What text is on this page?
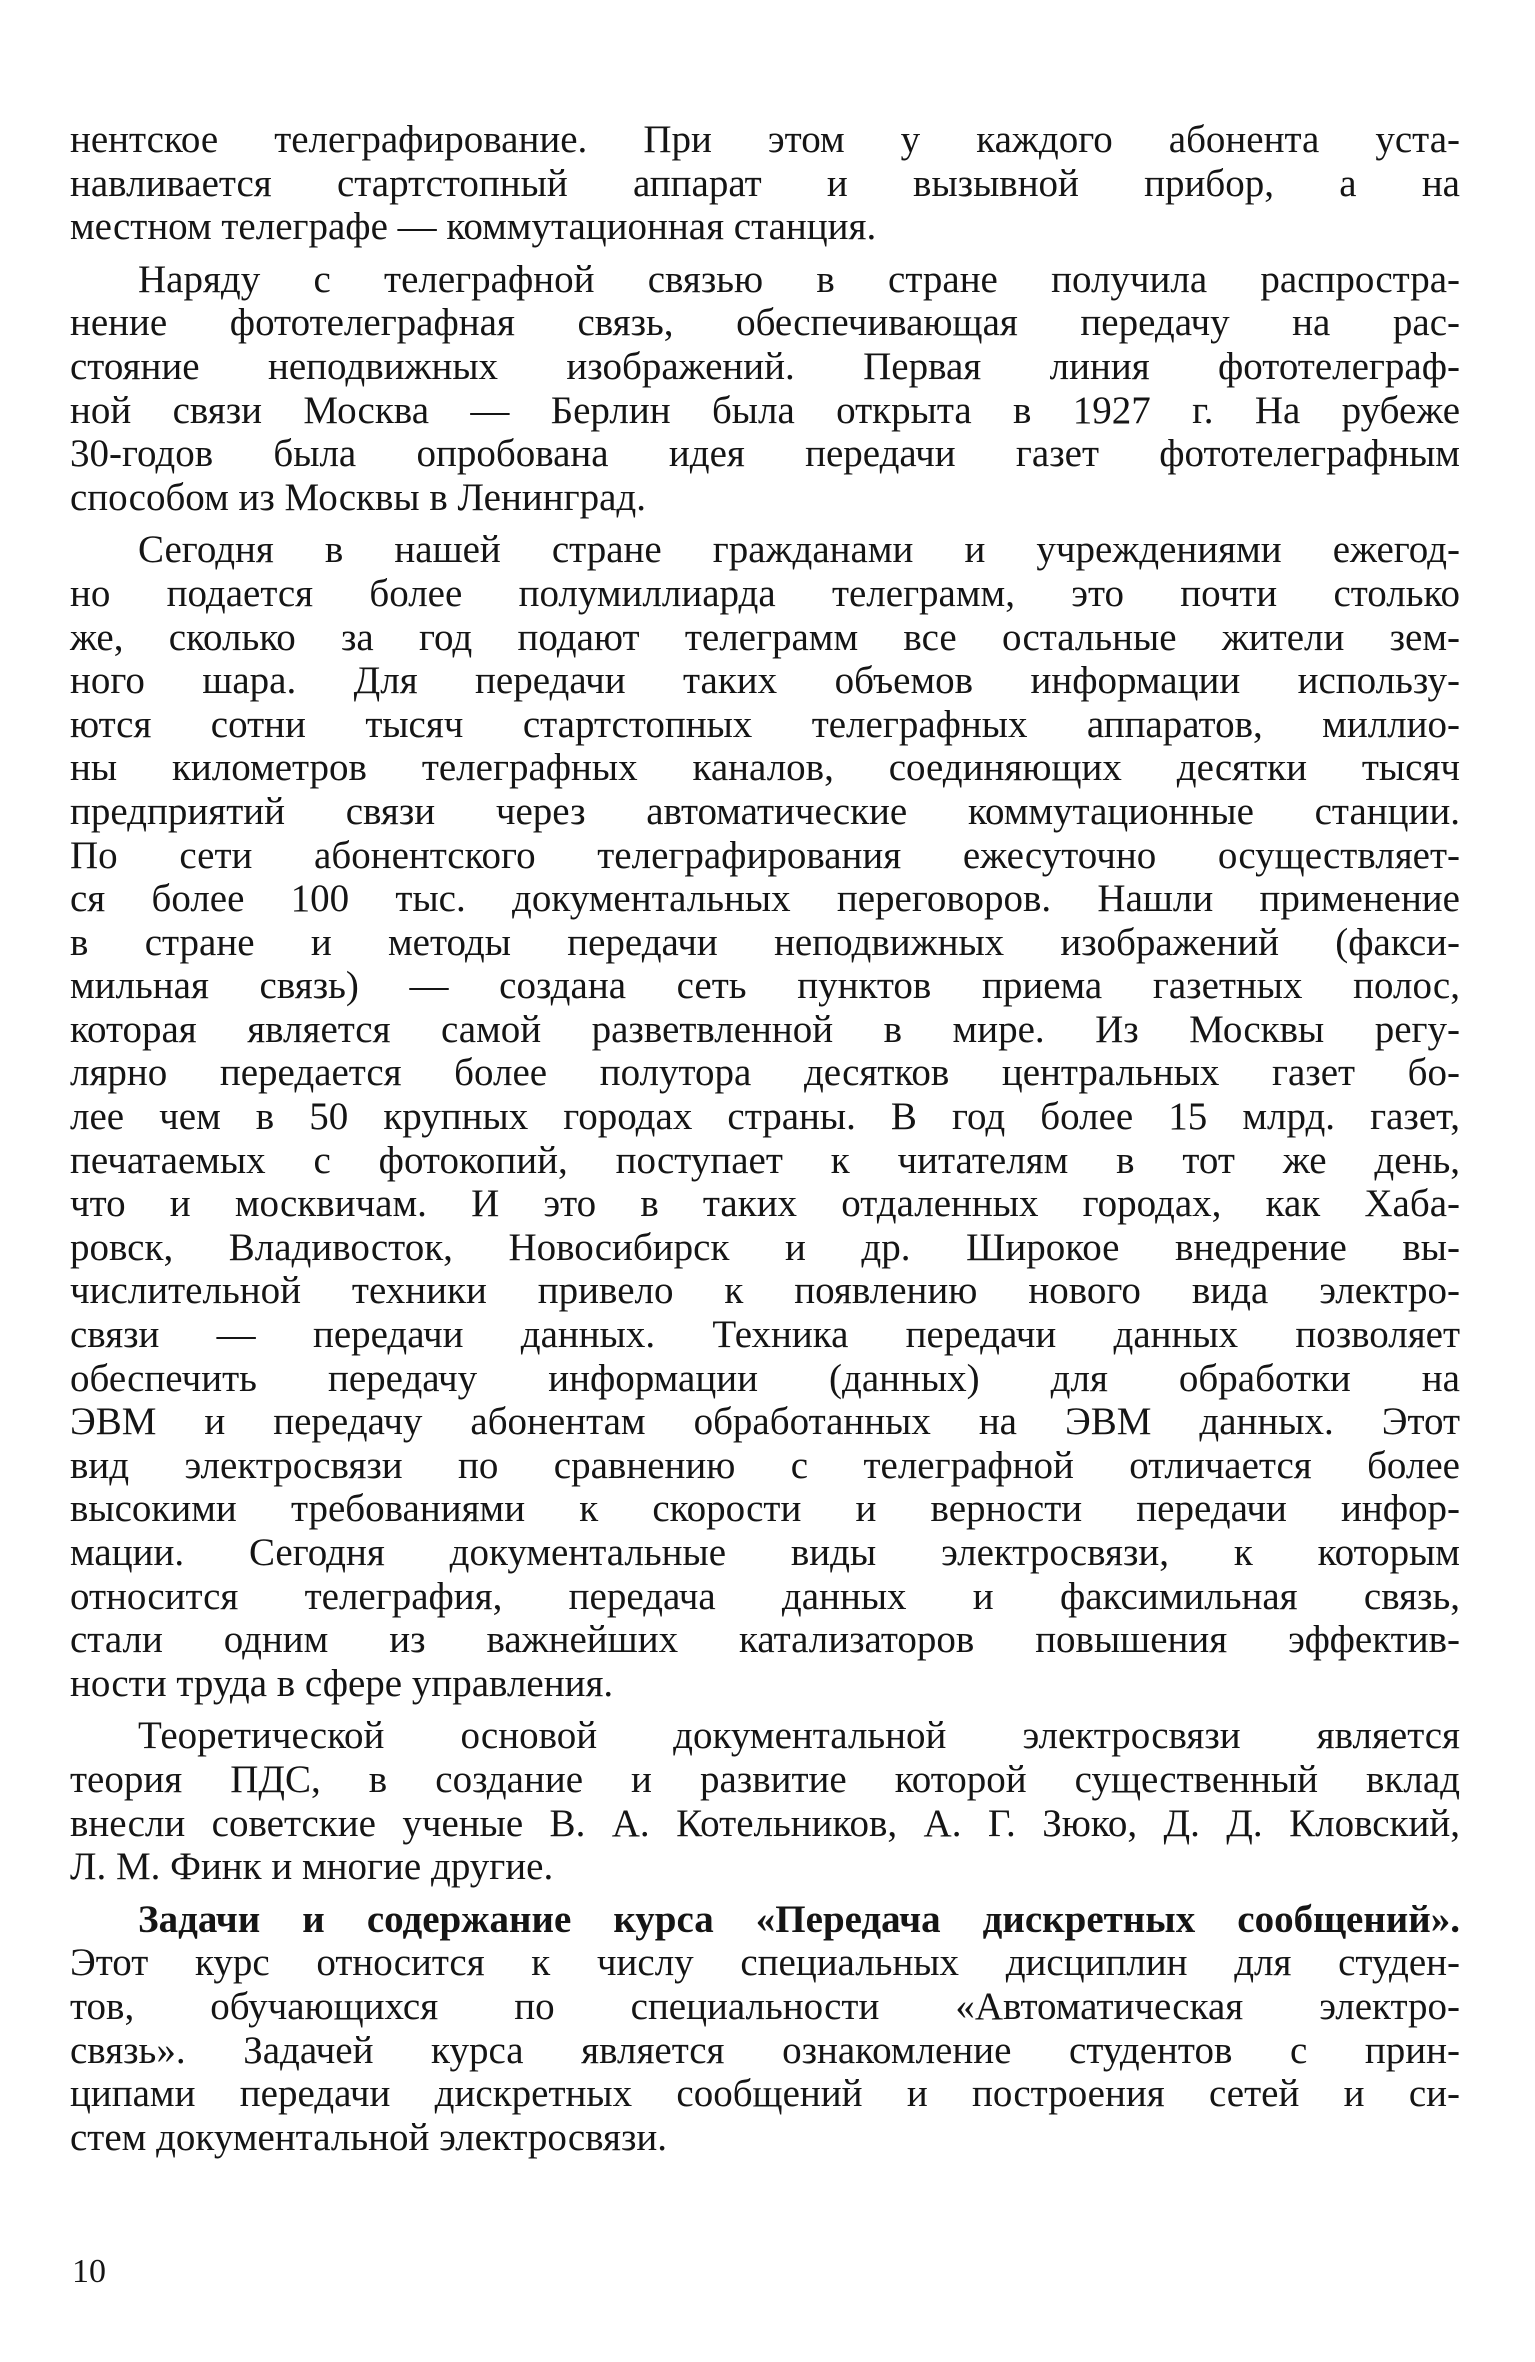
нентское телеграфирование. При этом у каждого абонента уста-
навливается стартстопный аппарат и вызывной прибор, а на
местном телеграфе — коммутационная станция.
Наряду с телеграфной связью в стране получила распростра-
нение фототелеграфная связь, обеспечивающая передачу на рас-
стояние неподвижных изображений. Первая линия фототелеграф-
ной связи Москва — Берлин была открыта в 1927 г. На рубеже
30-годов была опробована идея передачи газет фототелеграфным
способом из Москвы в Ленинград.
Сегодня в нашей стране гражданами и учреждениями ежегод-
но подается более полумиллиарда телеграмм, это почти столько
же, сколько за год подают телеграмм все остальные жители зем-
ного шара. Для передачи таких объемов информации использу-
ются сотни тысяч стартстопных телеграфных аппаратов, миллио-
ны километров телеграфных каналов, соединяющих десятки тысяч
предприятий связи через автоматические коммутационные станции.
По сети абонентского телеграфирования ежесуточно осуществляет-
ся более 100 тыс. документальных переговоров. Нашли применение
в стране и методы передачи неподвижных изображений (факси-
мильная связь) — создана сеть пунктов приема газетных полос,
которая является самой разветвленной в мире. Из Москвы регу-
лярно передается более полутора десятков центральных газет бо-
лее чем в 50 крупных городах страны. В год более 15 млрд. газет,
печатаемых с фотокопий, поступает к читателям в тот же день,
что и москвичам. И это в таких отдаленных городах, как Хаба-
ровск, Владивосток, Новосибирск и др. Широкое внедрение вы-
числительной техники привело к появлению нового вида электро-
связи — передачи данных. Техника передачи данных позволяет
обеспечить передачу информации (данных) для обработки на
ЭВМ и передачу абонентам обработанных на ЭВМ данных. Этот
вид электросвязи по сравнению с телеграфной отличается более
высокими требованиями к скорости и верности передачи инфор-
мации. Сегодня документальные виды электросвязи, к которым
относится телеграфия, передача данных и факсимильная связь,
стали одним из важнейших катализаторов повышения эффектив-
ности труда в сфере управления.
Теоретической основой документальной электросвязи является
теория ПДС, в создание и развитие которой существенный вклад
внесли советские ученые В. А. Котельников, А. Г. Зюко, Д. Д. Кловский,
Л. М. Финк и многие другие.
Задачи и содержание курса «Передача дискретных сообщений».
Этот курс относится к числу специальных дисциплин для студен-
тов, обучающихся по специальности «Автоматическая электро-
связь». Задачей курса является ознакомление студентов с прин-
ципами передачи дискретных сообщений и построения сетей и си-
стем документальной электросвязи.
10
